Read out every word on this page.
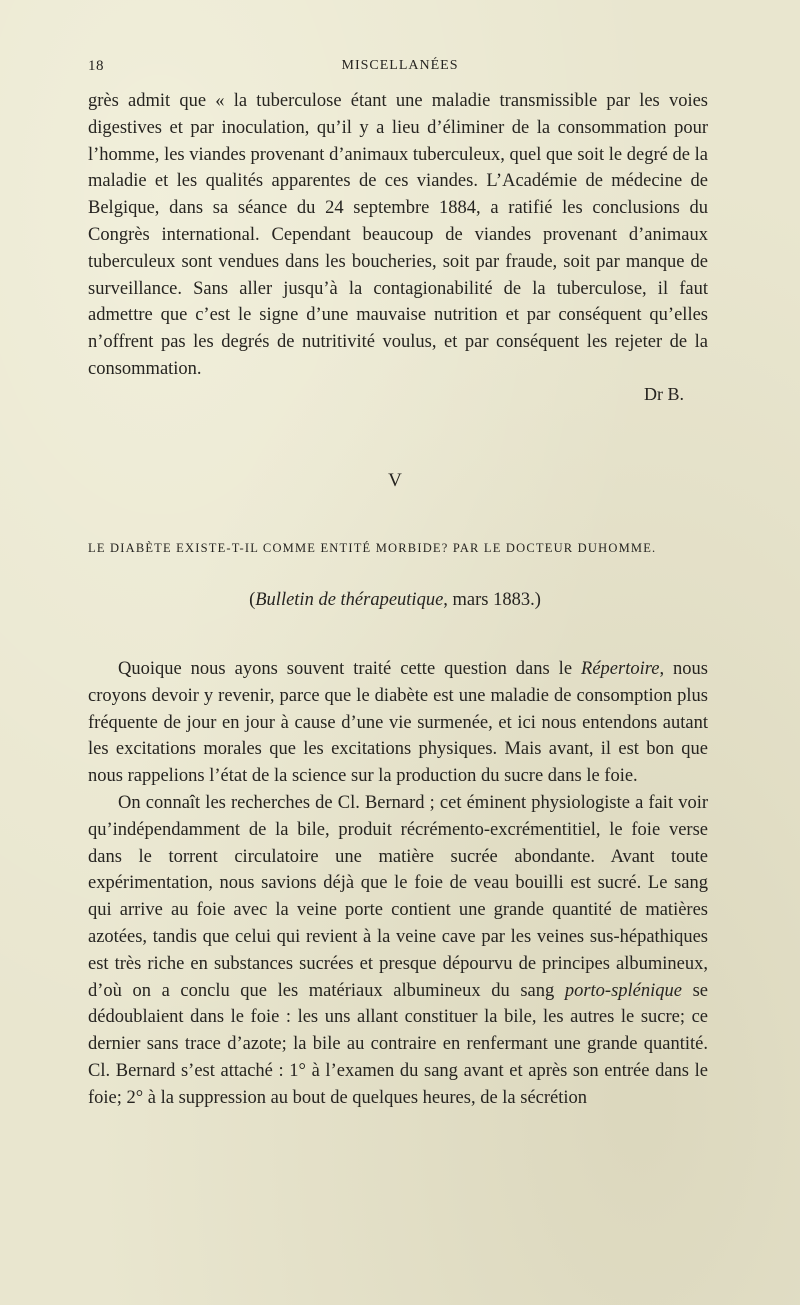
18	MISCELLANÉES

grès admit que « la tuberculose étant une maladie transmissible par les voies digestives et par inoculation, qu’il y a lieu d’éliminer de la consommation pour l’homme, les viandes provenant d’animaux tuberculeux, quel que soit le degré de la maladie et les qualités apparentes de ces viandes. L’Académie de médecine de Belgique, dans sa séance du 24 septembre 1884, a ratifié les conclusions du Congrès international. Cependant beaucoup de viandes provenant d’animaux tuberculeux sont vendues dans les boucheries, soit par fraude, soit par manque de surveillance. Sans aller jusqu’à la contagionabilité de la tuberculose, il faut admettre que c’est le signe d’une mauvaise nutrition et par conséquent qu’elles n’offrent pas les degrés de nutritivité voulus, et par conséquent les rejeter de la consommation.

Dr B.
V
LE DIABÈTE EXISTE-T-IL COMME ENTITÉ MORBIDE? PAR LE DOCTEUR DUHOMME.
(Bulletin de thérapeutique, mars 1883.)

Quoique nous ayons souvent traité cette question dans le Répertoire, nous croyons devoir y revenir, parce que le diabète est une maladie de consomption plus fréquente de jour en jour à cause d’une vie surmenée, et ici nous entendons autant les excitations morales que les excitations physiques. Mais avant, il est bon que nous rappelions l’état de la science sur la production du sucre dans le foie.

On connaît les recherches de Cl. Bernard ; cet éminent physiologiste a fait voir qu’indépendamment de la bile, produit récrémento-excrémentitiel, le foie verse dans le torrent circulatoire une matière sucrée abondante. Avant toute expérimentation, nous savions déjà que le foie de veau bouilli est sucré. Le sang qui arrive au foie avec la veine porte contient une grande quantité de matières azotées, tandis que celui qui revient à la veine cave par les veines sus-hépathiques est très riche en substances sucrées et presque dépourvu de principes albumineux, d’où on a conclu que les matériaux albumineux du sang porto-splénique se dédoublaient dans le foie : les uns allant constituer la bile, les autres le sucre; ce dernier sans trace d’azote; la bile au contraire en renfermant une grande quantité. Cl. Bernard s’est attaché : 1° à l’examen du sang avant et après son entrée dans le foie; 2° à la suppression au bout de quelques heures, de la sécrétion
